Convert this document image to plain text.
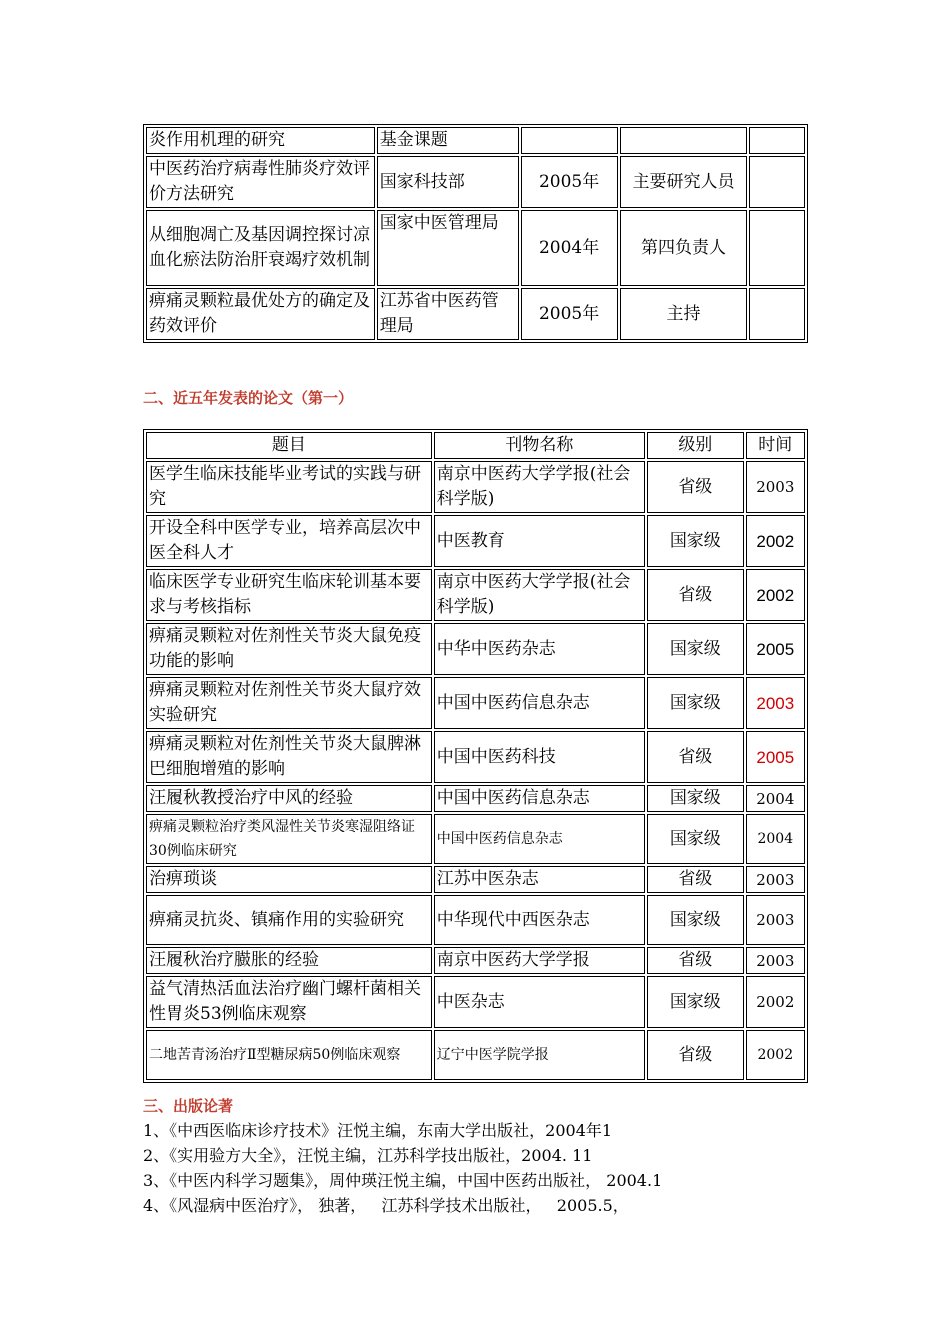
炎作用机理的研究	基金课题			
中医药治疗病毒性肺炎疗效评价方法研究	国家科技部	2005年	主要研究人员	
从细胞凋亡及基因调控探讨凉血化瘀法防治肝衰竭疗效机制	国家中医管理局	2004年	第四负责人	
痹痛灵颗粒最优处方的确定及药效评价	江苏省中医药管理局	2005年	主持	
二、近五年发表的论文（第一）
题目	刊物名称	级别	时间
医学生临床技能毕业考试的实践与研究	南京中医药大学学报(社会科学版)	省级	2003
开设全科中医学专业，培养高层次中医全科人才	中医教育	国家级	2002
临床医学专业研究生临床轮训基本要求与考核指标	南京中医药大学学报(社会科学版)	省级	2002
痹痛灵颗粒对佐剂性关节炎大鼠免疫功能的影响	中华中医药杂志	国家级	2005
痹痛灵颗粒对佐剂性关节炎大鼠疗效实验研究	中国中医药信息杂志	国家级	2003
痹痛灵颗粒对佐剂性关节炎大鼠脾淋巴细胞增殖的影响	中国中医药科技	省级	2005
汪履秋教授治疗中风的经验	中国中医药信息杂志	国家级	2004
痹痛灵颗粒治疗类风湿性关节炎寒湿阻络证30例临床研究	中国中医药信息杂志	国家级	2004
治痹琐谈	江苏中医杂志	省级	2003
痹痛灵抗炎、镇痛作用的实验研究	中华现代中西医杂志	国家级	2003
汪履秋治疗臌胀的经验	南京中医药大学学报	省级	2003
益气清热活血法治疗幽门螺杆菌相关性胃炎53例临床观察	中医杂志	国家级	2002
二地苦青汤治疗Ⅱ型糖尿病50例临床观察	辽宁中医学院学报	省级	2002
三、出版论著
1、《中西医临床诊疗技术》汪悦主编，东南大学出版社，2004年1
2、《实用验方大全》，汪悦主编，江苏科学技出版社，2004. 11
3、《中医内科学习题集》，周仲瑛汪悦主编，中国中医药出版社， 2004.1
4、《风湿病中医治疗》， 独著，   江苏科学技术出版社，   2005.5，
